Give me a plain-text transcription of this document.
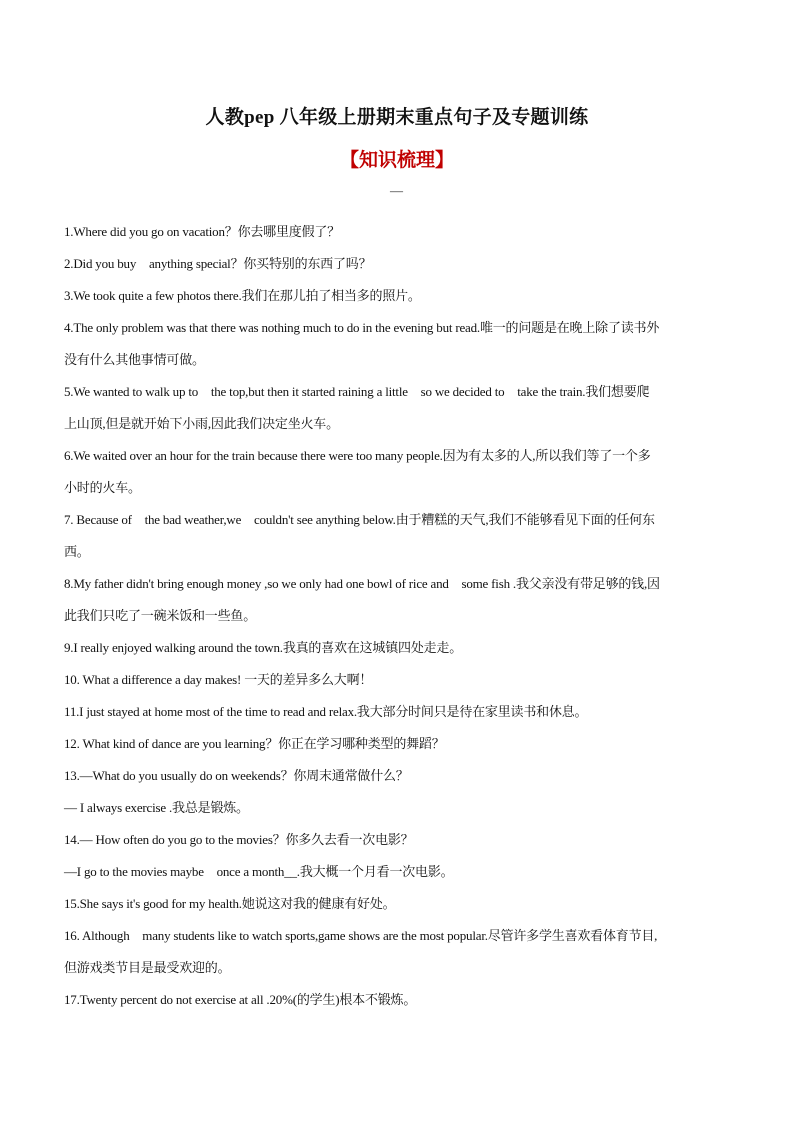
人教pep 八年级上册期末重点句子及专题训练
【知识梳理】
—
1.Where did you go on vacation？你去哪里度假了？
2.Did you buy　anything special？你买特别的东西了吗？
3.We took quite a few photos there.我们在那儿拍了相当多的照片。
4.The only problem was that there was nothing much to do in the evening but read.唯一的问题是在晚上除了读书外
没有什么其他事情可做。
5.We wanted to walk up to　the top,but then it started raining a little　so we decided to　take the train.我们想要爬
上山顶,但是就开始下小雨,因此我们决定坐火车。
6.We waited over an hour for the train because there were too many people.因为有太多的人,所以我们等了一个多
小时的火车。
7. Because of　the bad weather,we　couldn't see anything below.由于糟糕的天气,我们不能够看见下面的任何东
西。
8.My father didn't bring enough money ,so we only had one bowl of rice and　some fish .我父亲没有带足够的钱,因
此我们只吃了一碗米饭和一些鱼。
9.I really enjoyed walking around the town.我真的喜欢在这城镇四处走走。
10. What a difference a day makes! 一天的差异多么大啊！
11.I just stayed at home most of the time to read and relax.我大部分时间只是待在家里读书和休息。
12. What kind of dance are you learning？你正在学习哪种类型的舞蹈？
13.—What do you usually do on weekends？你周末通常做什么？
— I always exercise .我总是锻炼。
14.— How often do you go to the movies？你多久去看一次电影？
—I go to the movies maybe　once a month__.我大概一个月看一次电影。
15.She says it's good for my health.她说这对我的健康有好处。
16. Although　many students like to watch sports,game shows are the most popular.尽管许多学生喜欢看体育节目,
但游戏类节目是最受欢迎的。
17.Twenty percent do not exercise at all .20%(的学生)根本不锻炼。
